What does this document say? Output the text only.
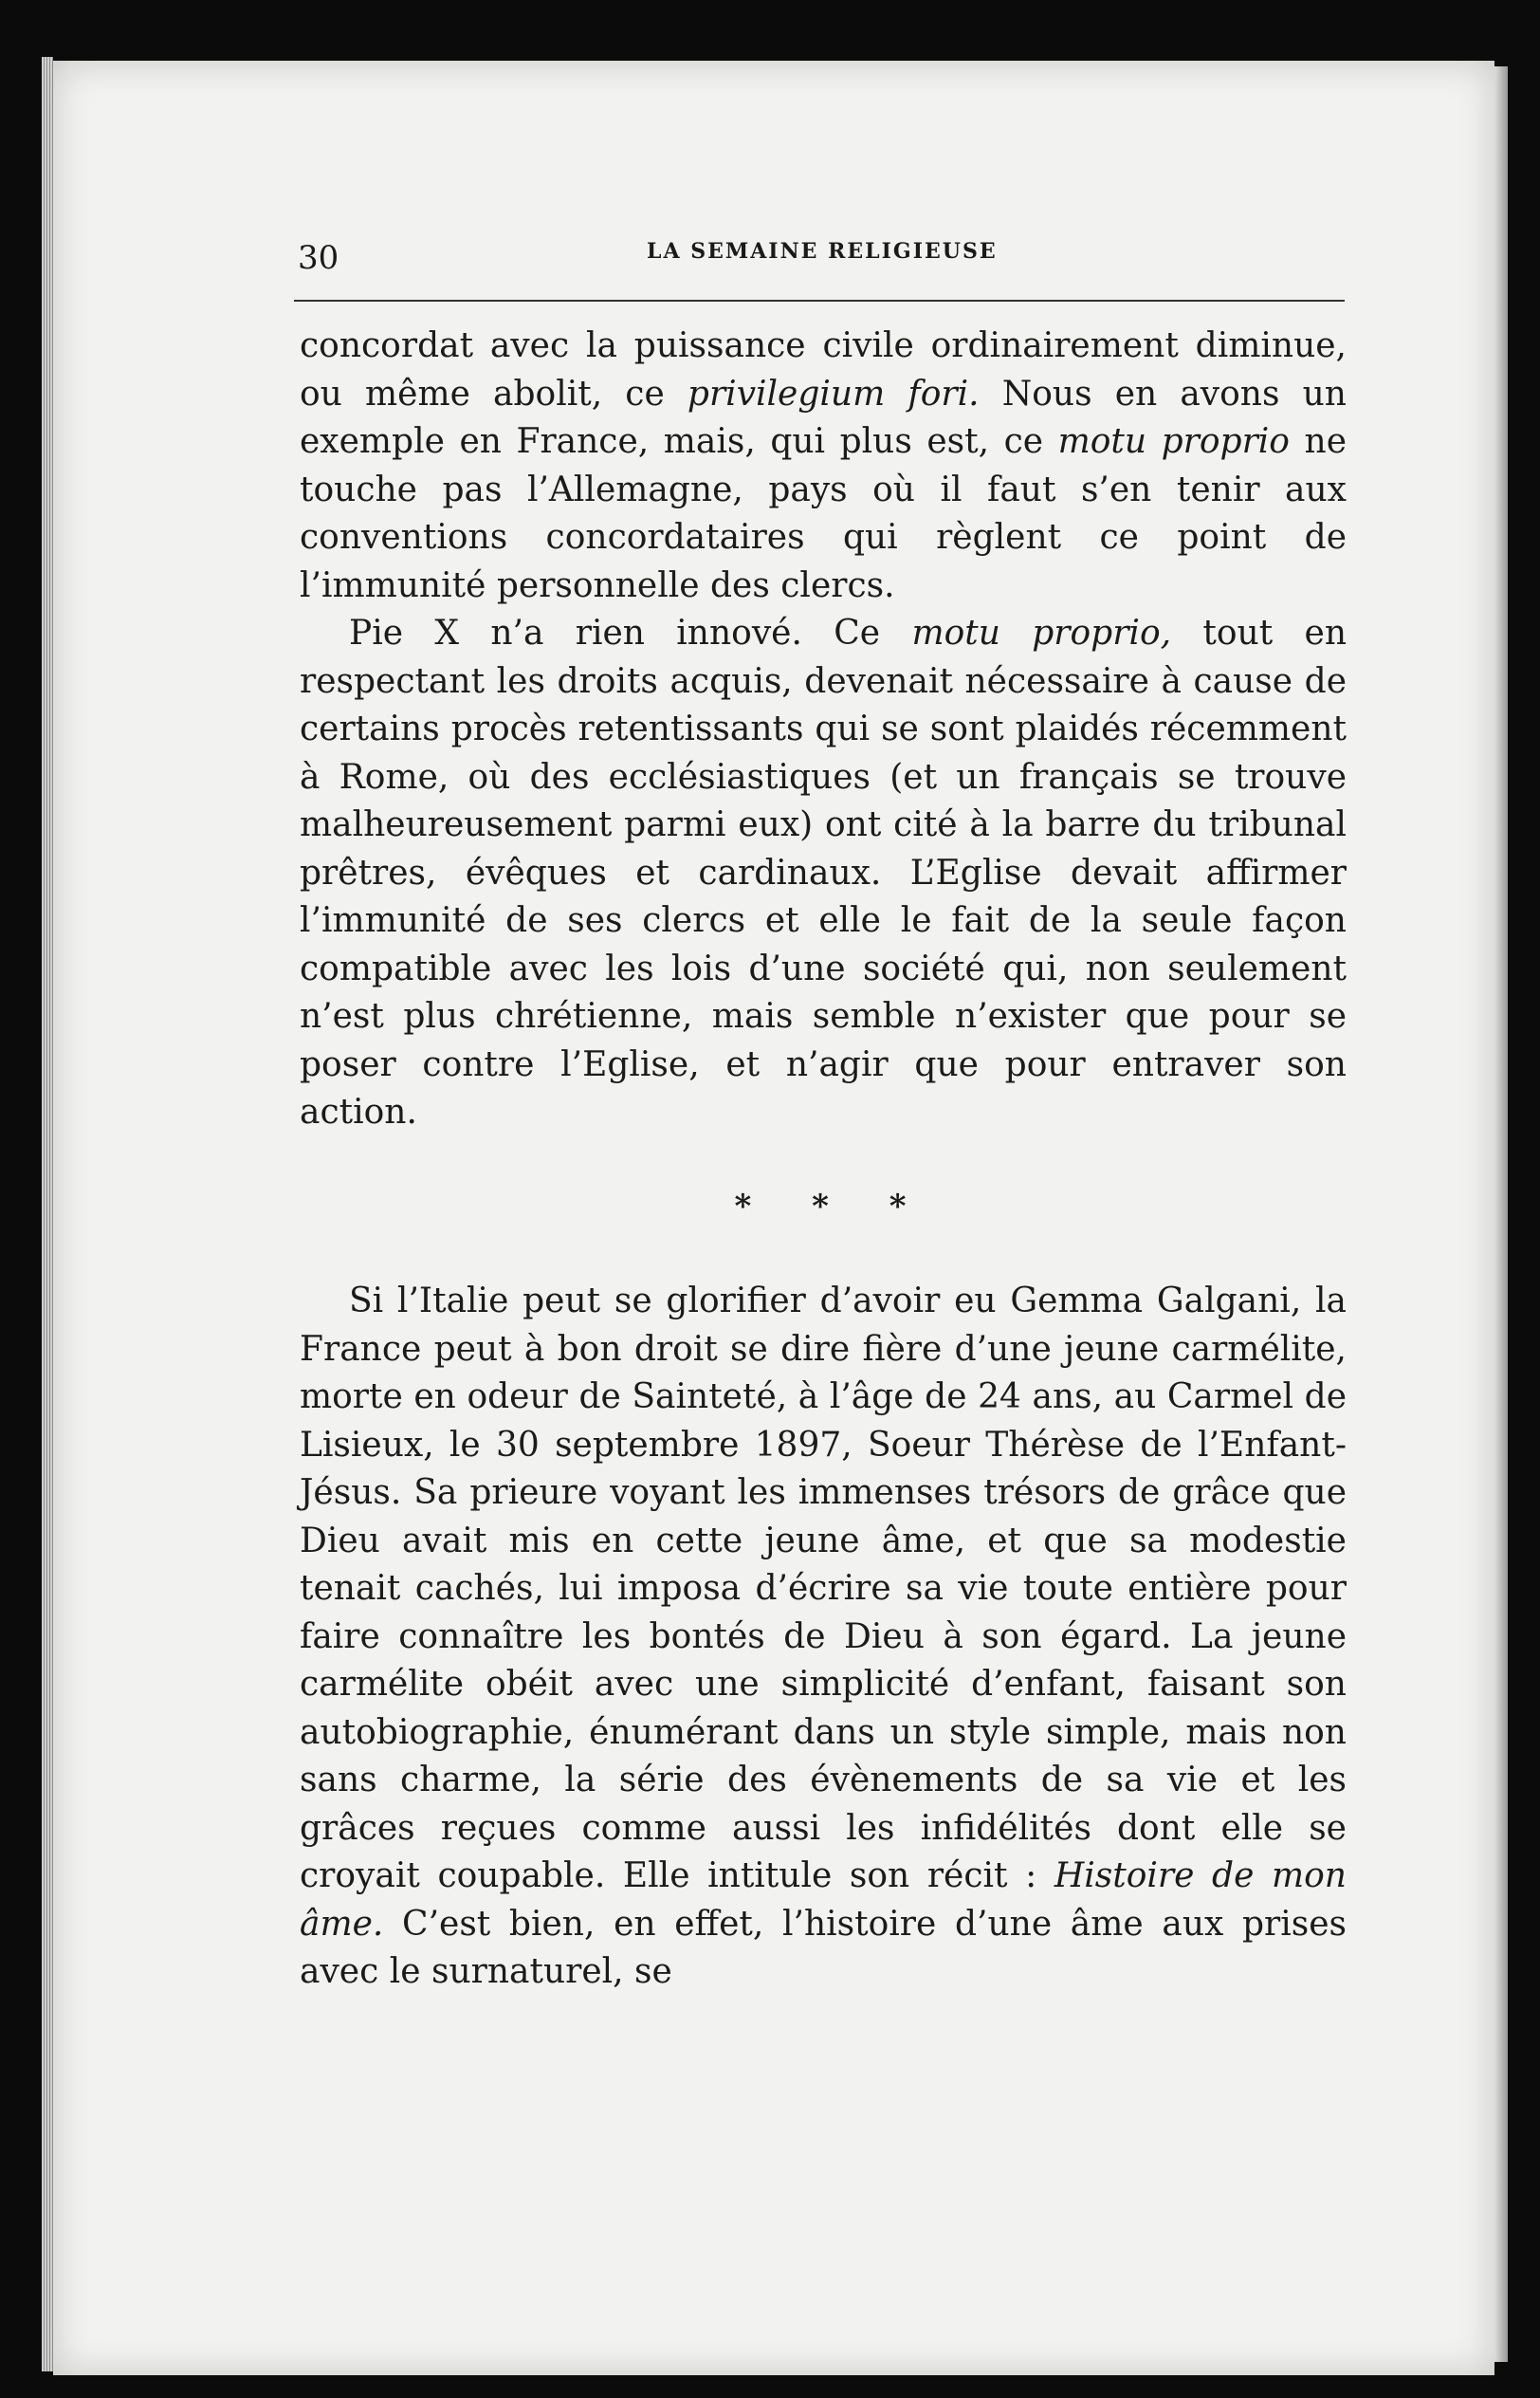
30	LA SEMAINE RELIGIEUSE

concordat avec la puissance civile ordinairement diminue, ou même abolit, ce privilegium fori. Nous en avons un exemple en France, mais, qui plus est, ce motu proprio ne touche pas l’Allemagne, pays où il faut s’en tenir aux conventions concordataires qui règlent ce point de l’immunité personnelle des clercs.

Pie X n’a rien innové. Ce motu proprio, tout en respectant les droits acquis, devenait nécessaire à cause de certains procès retentissants qui se sont plaidés récemment à Rome, où des ecclésiastiques (et un français se trouve malheureusement parmi eux) ont cité à la barre du tribunal prêtres, évêques et cardinaux. L’Eglise devait affirmer l’immunité de ses clercs et elle le fait de la seule façon compatible avec les lois d’une société qui, non seulement n’est plus chrétienne, mais semble n’exister que pour se poser contre l’Eglise, et n’agir que pour entraver son action.

* * *

Si l’Italie peut se glorifier d’avoir eu Gemma Galgani, la France peut à bon droit se dire fière d’une jeune carmélite, morte en odeur de Sainteté, à l’âge de 24 ans, au Carmel de Lisieux, le 30 septembre 1897, Soeur Thérèse de l’Enfant-Jésus. Sa prieure voyant les immenses trésors de grâce que Dieu avait mis en cette jeune âme, et que sa modestie tenait cachés, lui imposa d’écrire sa vie toute entière pour faire connaître les bontés de Dieu à son égard. La jeune carmélite obéit avec une simplicité d’enfant, faisant son autobiographie, énumérant dans un style simple, mais non sans charme, la série des évènements de sa vie et les grâces reçues comme aussi les infidélités dont elle se croyait coupable. Elle intitule son récit : Histoire de mon âme. C’est bien, en effet, l’histoire d’une âme aux prises avec le surnaturel, se
